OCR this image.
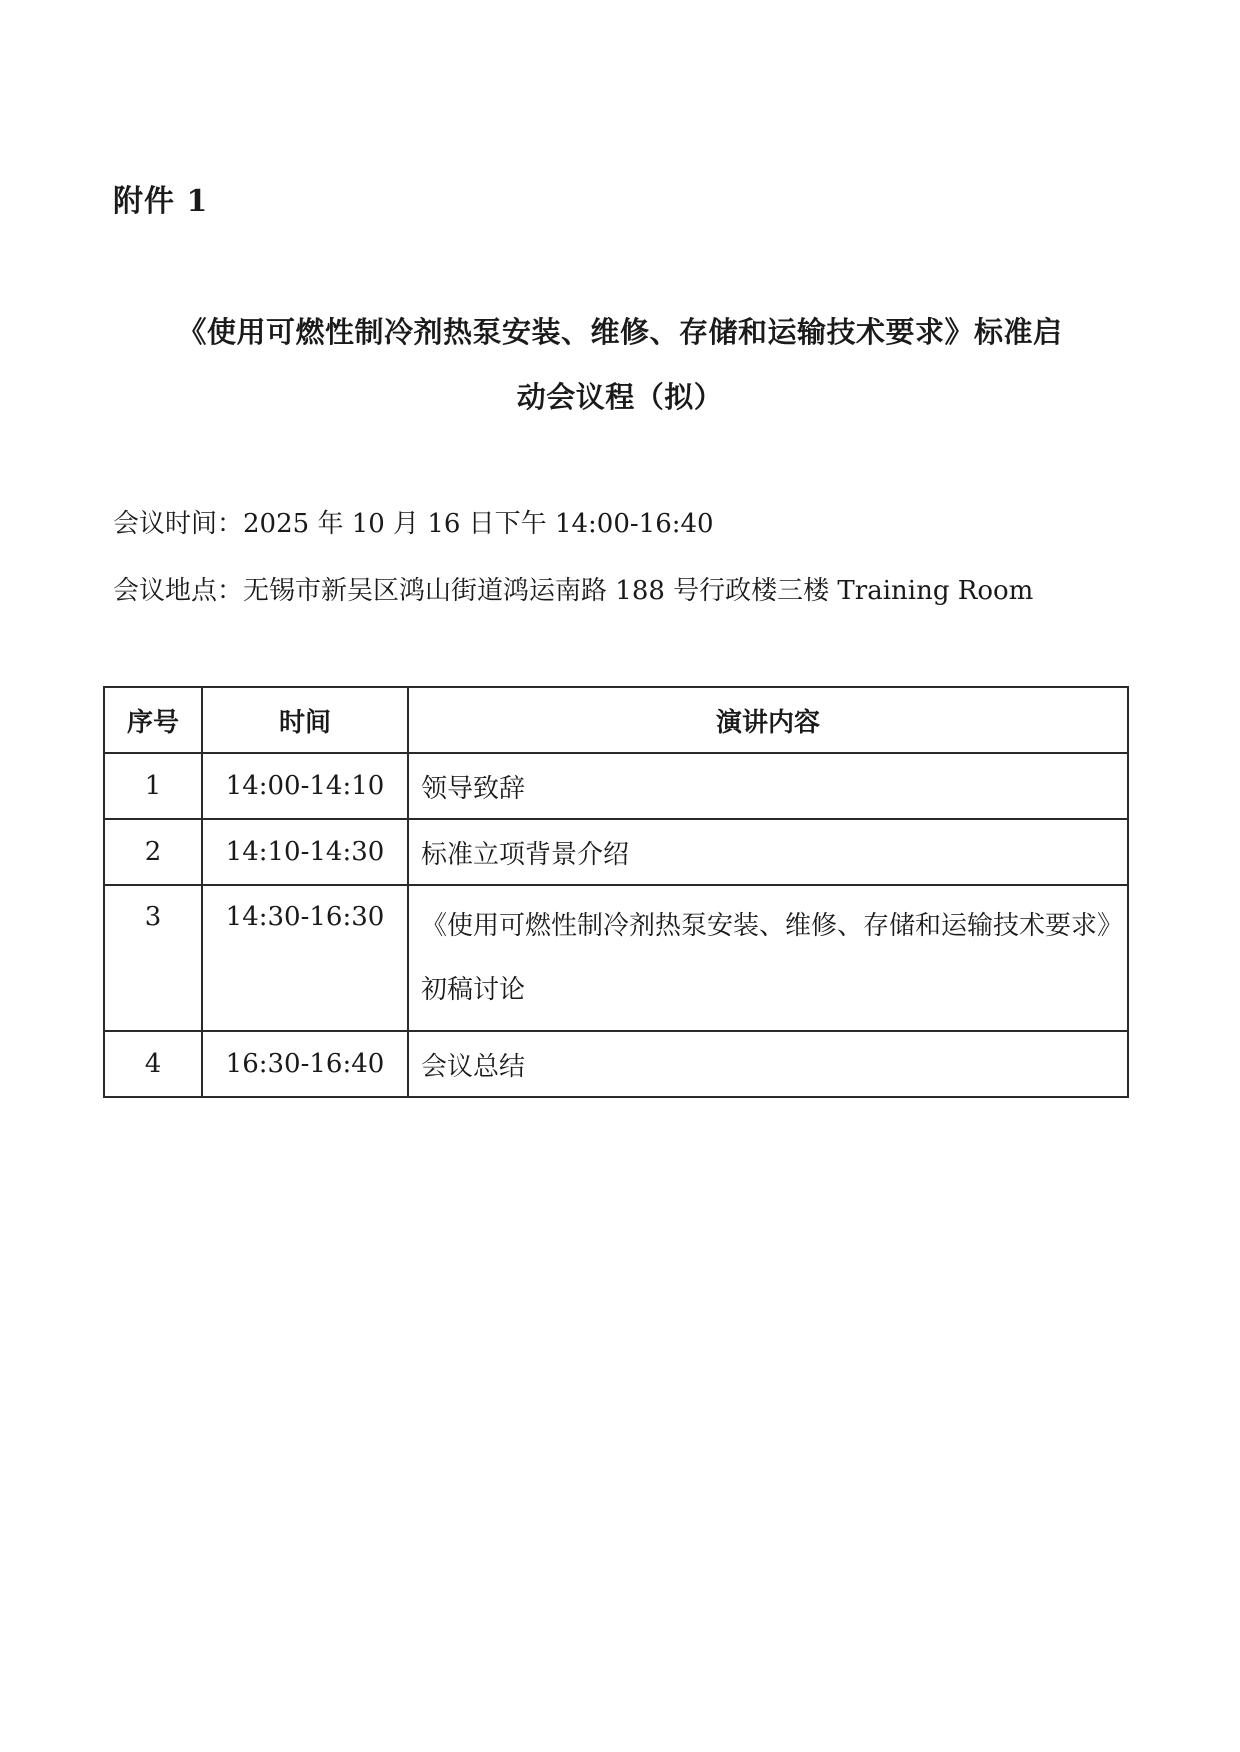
附件 1
《使用可燃性制冷剂热泵安装、维修、存储和运输技术要求》标准启
动会议程（拟）
会议时间：2025 年 10 月 16 日下午 14:00-16:40
会议地点：无锡市新吴区鸿山街道鸿运南路 188 号行政楼三楼 Training Room
序号	时间	演讲内容
1	14:00-14:10	领导致辞
2	14:10-14:30	标准立项背景介绍
3	14:30-16:30	《使用可燃性制冷剂热泵安装、维修、存储和运输技术要求》初稿讨论
4	16:30-16:40	会议总结
